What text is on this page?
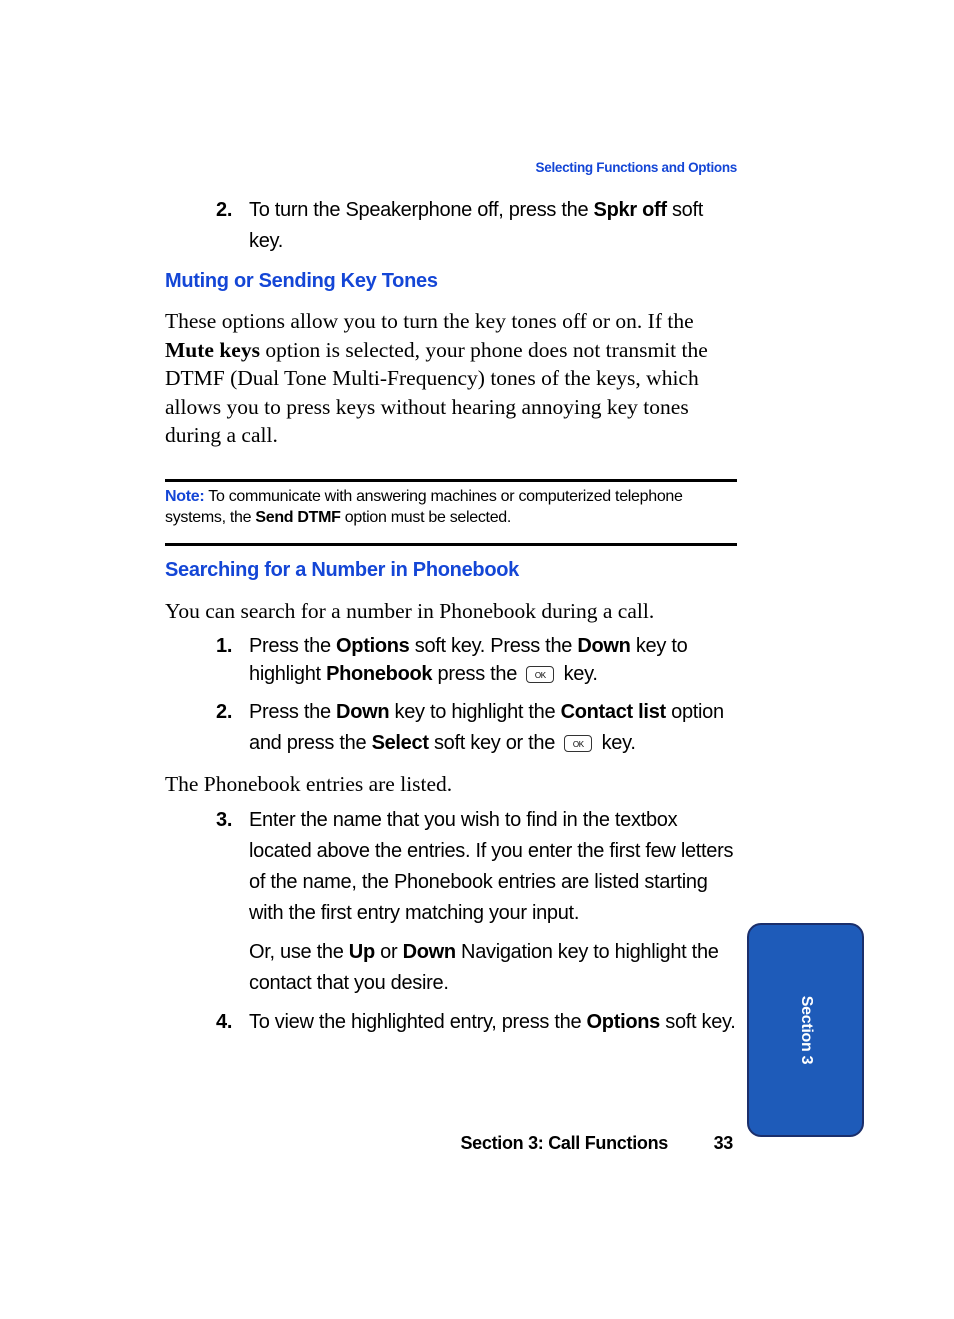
Selecting Functions and Options
2. To turn the Speakerphone off, press the Spkr off soft key.
Muting or Sending Key Tones
These options allow you to turn the key tones off or on. If the Mute keys option is selected, your phone does not transmit the DTMF (Dual Tone Multi-Frequency) tones of the keys, which allows you to press keys without hearing annoying key tones during a call.
Note: To communicate with answering machines or computerized telephone systems, the Send DTMF option must be selected.
Searching for a Number in Phonebook
You can search for a number in Phonebook during a call.
1. Press the Options soft key. Press the Down key to highlight Phonebook press the OK key.
2. Press the Down key to highlight the Contact list option and press the Select soft key or the OK key.
The Phonebook entries are listed.
3. Enter the name that you wish to find in the textbox located above the entries. If you enter the first few letters of the name, the Phonebook entries are listed starting with the first entry matching your input.
Or, use the Up or Down Navigation key to highlight the contact that you desire.
4. To view the highlighted entry, press the Options soft key.	Section 3
Section 3: Call Functions	33
